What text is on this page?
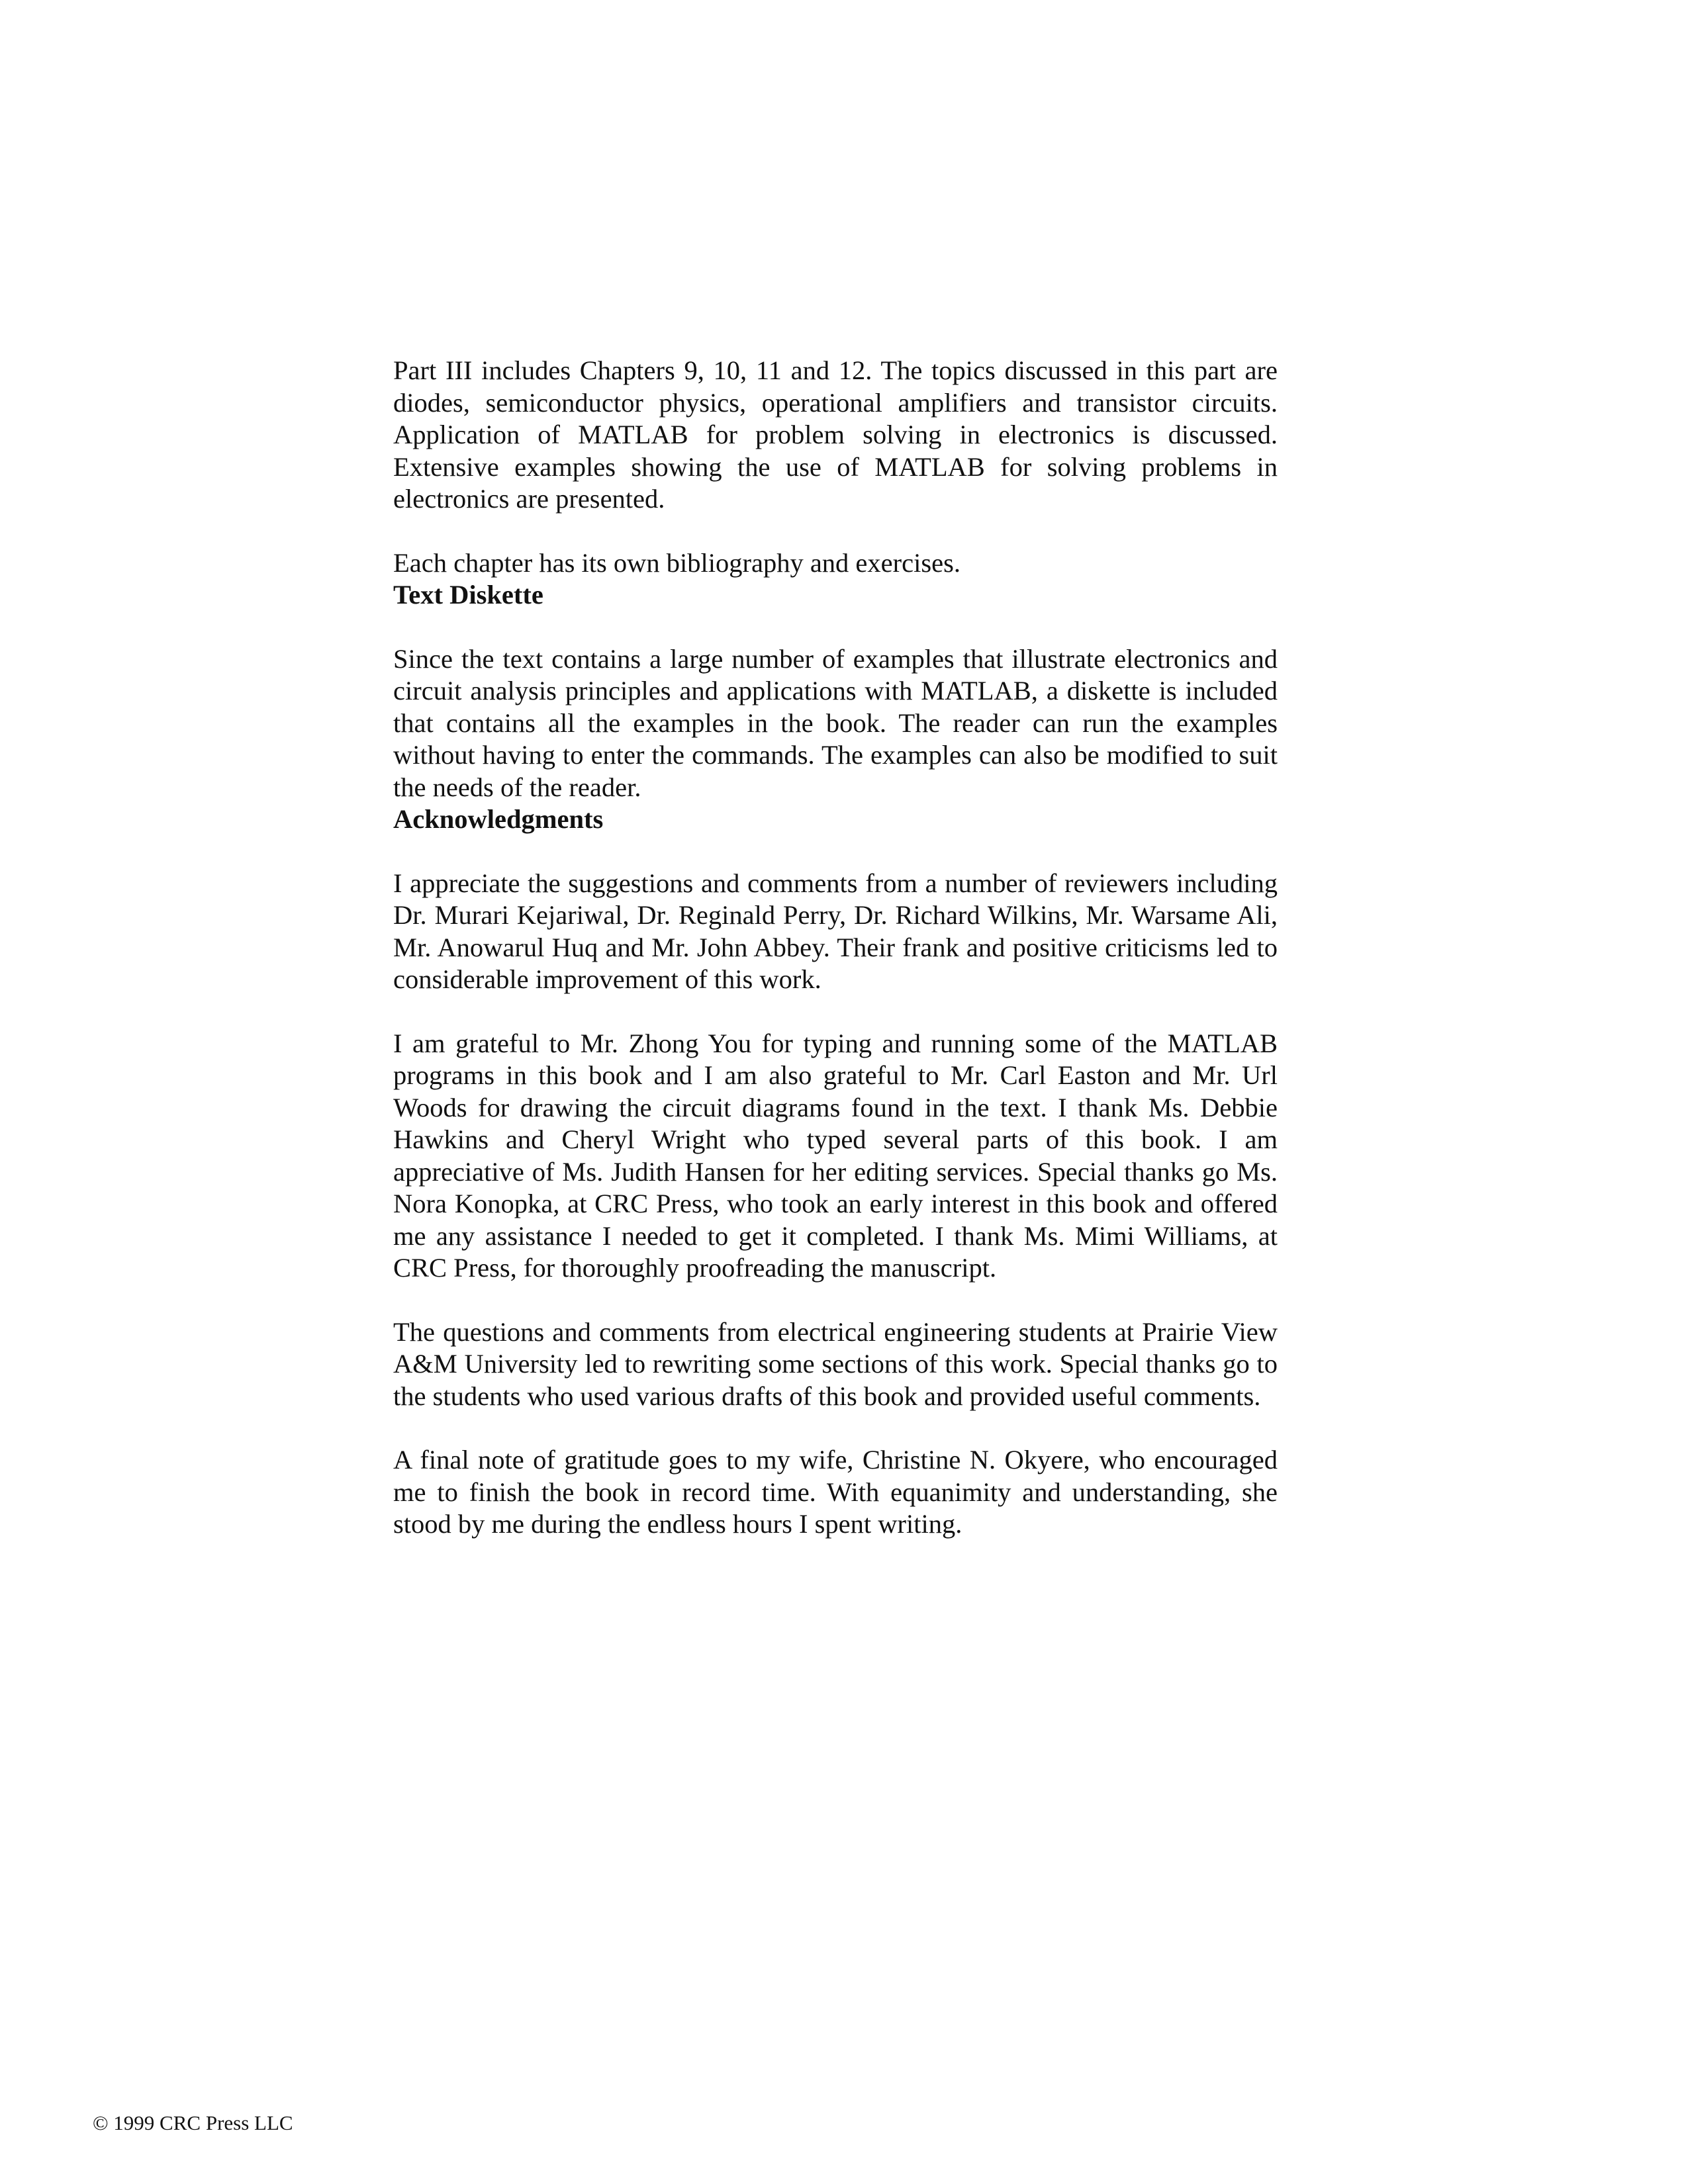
Part III includes Chapters 9, 10, 11 and 12. The topics discussed in this part are diodes, semiconductor physics, operational amplifiers and transistor circuits. Application of MATLAB for problem solving in electronics is discussed. Extensive examples showing the use of MATLAB for solving problems in electronics are presented.

Each chapter has its own bibliography and exercises.

Text Diskette

Since the text contains a large number of examples that illustrate electronics and circuit analysis principles and applications with MATLAB, a diskette is included that contains all the examples in the book. The reader can run the examples without having to enter the commands. The examples can also be modified to suit the needs of the reader.

Acknowledgments

I appreciate the suggestions and comments from a number of reviewers including Dr. Murari Kejariwal, Dr. Reginald Perry, Dr. Richard Wilkins, Mr. Warsame Ali, Mr. Anowarul Huq and Mr. John Abbey. Their frank and positive criticisms led to considerable improvement of this work.

I am grateful to Mr. Zhong You for typing and running some of the MATLAB programs in this book and I am also grateful to Mr. Carl Easton and Mr. Url Woods for drawing the circuit diagrams found in the text. I thank Ms. Debbie Hawkins and Cheryl Wright who typed several parts of this book. I am appreciative of Ms. Judith Hansen for her editing services. Special thanks go Ms. Nora Konopka, at CRC Press, who took an early interest in this book and offered me any assistance I needed to get it completed. I thank Ms. Mimi Williams, at CRC Press, for thoroughly proofreading the manuscript.

The questions and comments from electrical engineering students at Prairie View A&M University led to rewriting some sections of this work. Special thanks go to the students who used various drafts of this book and provided useful comments.

A final note of gratitude goes to my wife, Christine N. Okyere, who encouraged me to finish the book in record time. With equanimity and understanding, she stood by me during the endless hours I spent writing.

© 1999 CRC Press LLC
